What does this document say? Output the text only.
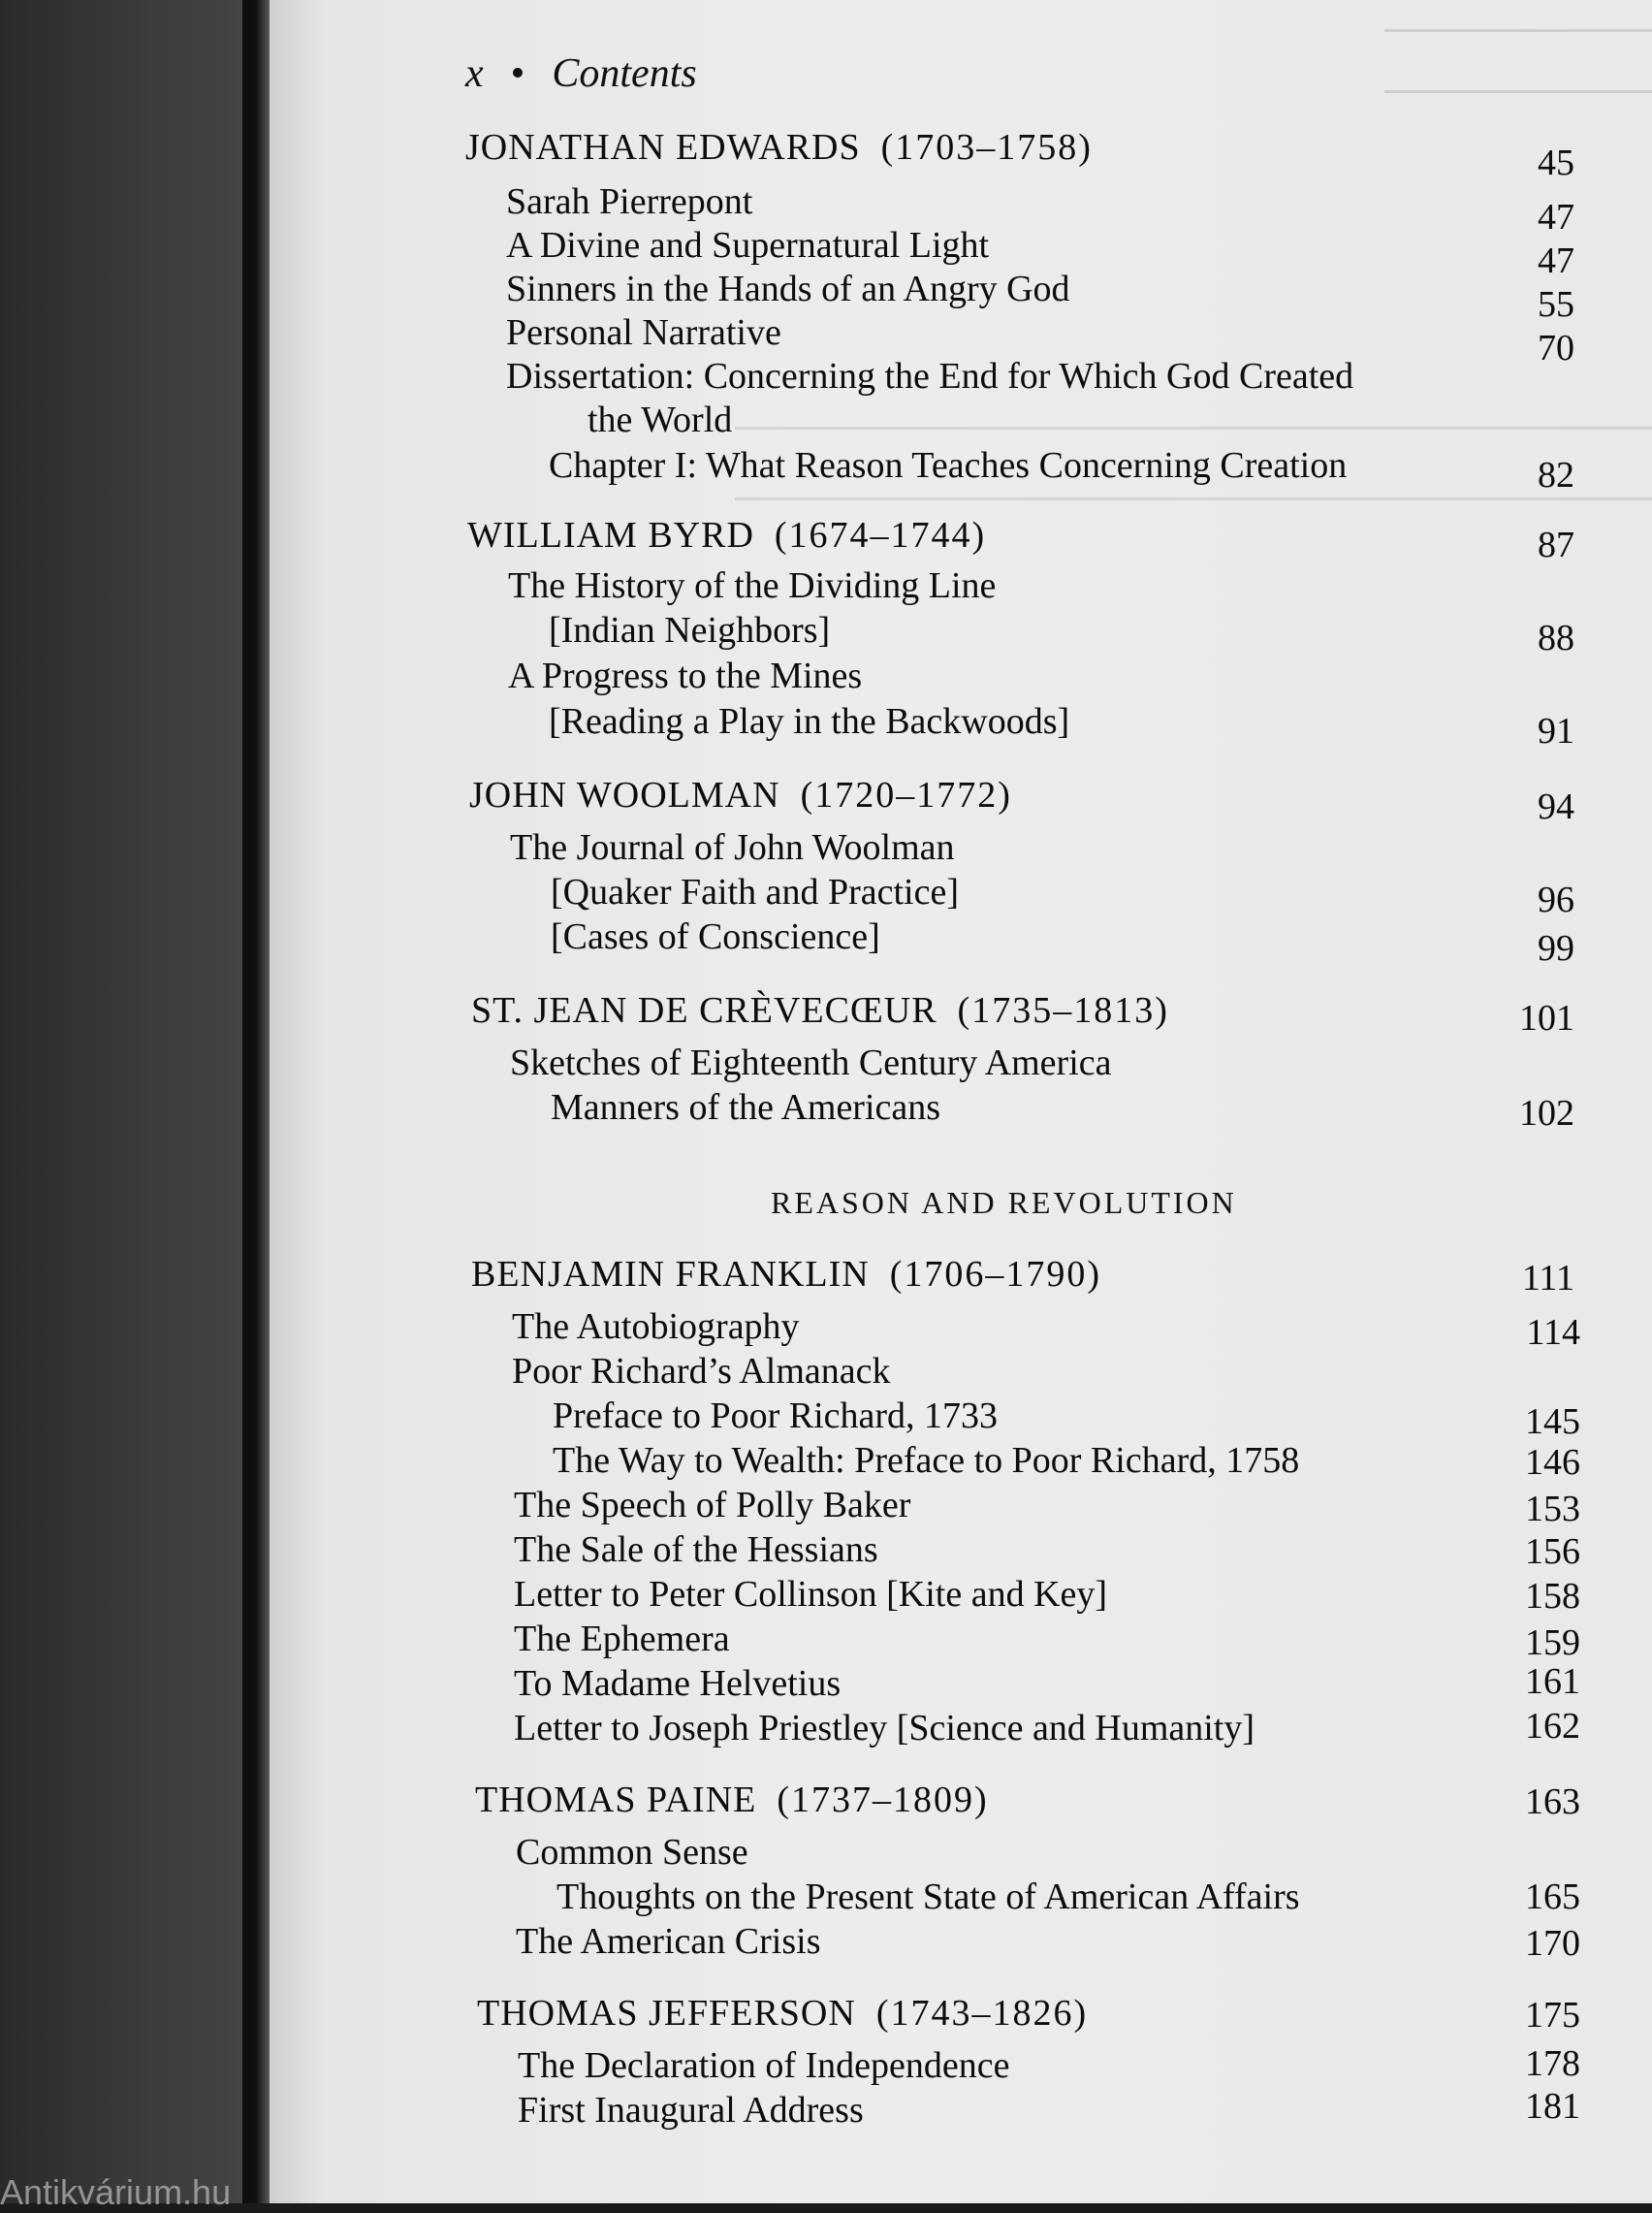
x • Contents
JONATHAN EDWARDS (1703–1758)	45
Sarah Pierrepont	47
A Divine and Supernatural Light	47
Sinners in the Hands of an Angry God	55
Personal Narrative	70
Dissertation: Concerning the End for Which God Created
the World
Chapter I: What Reason Teaches Concerning Creation	82
WILLIAM BYRD (1674–1744)	87
The History of the Dividing Line
[Indian Neighbors]	88
A Progress to the Mines
[Reading a Play in the Backwoods]	91
JOHN WOOLMAN (1720–1772)	94
The Journal of John Woolman
[Quaker Faith and Practice]	96
[Cases of Conscience]	99
ST. JEAN DE CRÈVECŒUR (1735–1813)	101
Sketches of Eighteenth Century America
Manners of the Americans	102
REASON AND REVOLUTION
BENJAMIN FRANKLIN (1706–1790)	111
The Autobiography	114
Poor Richard’s Almanack
Preface to Poor Richard, 1733	145
The Way to Wealth: Preface to Poor Richard, 1758	146
The Speech of Polly Baker	153
The Sale of the Hessians	156
Letter to Peter Collinson [Kite and Key]	158
The Ephemera	159
To Madame Helvetius	161
Letter to Joseph Priestley [Science and Humanity]	162
THOMAS PAINE (1737–1809)	163
Common Sense
Thoughts on the Present State of American Affairs	165
The American Crisis	170
THOMAS JEFFERSON (1743–1826)	175
The Declaration of Independence	178
First Inaugural Address	181
Antikvárium.hu
